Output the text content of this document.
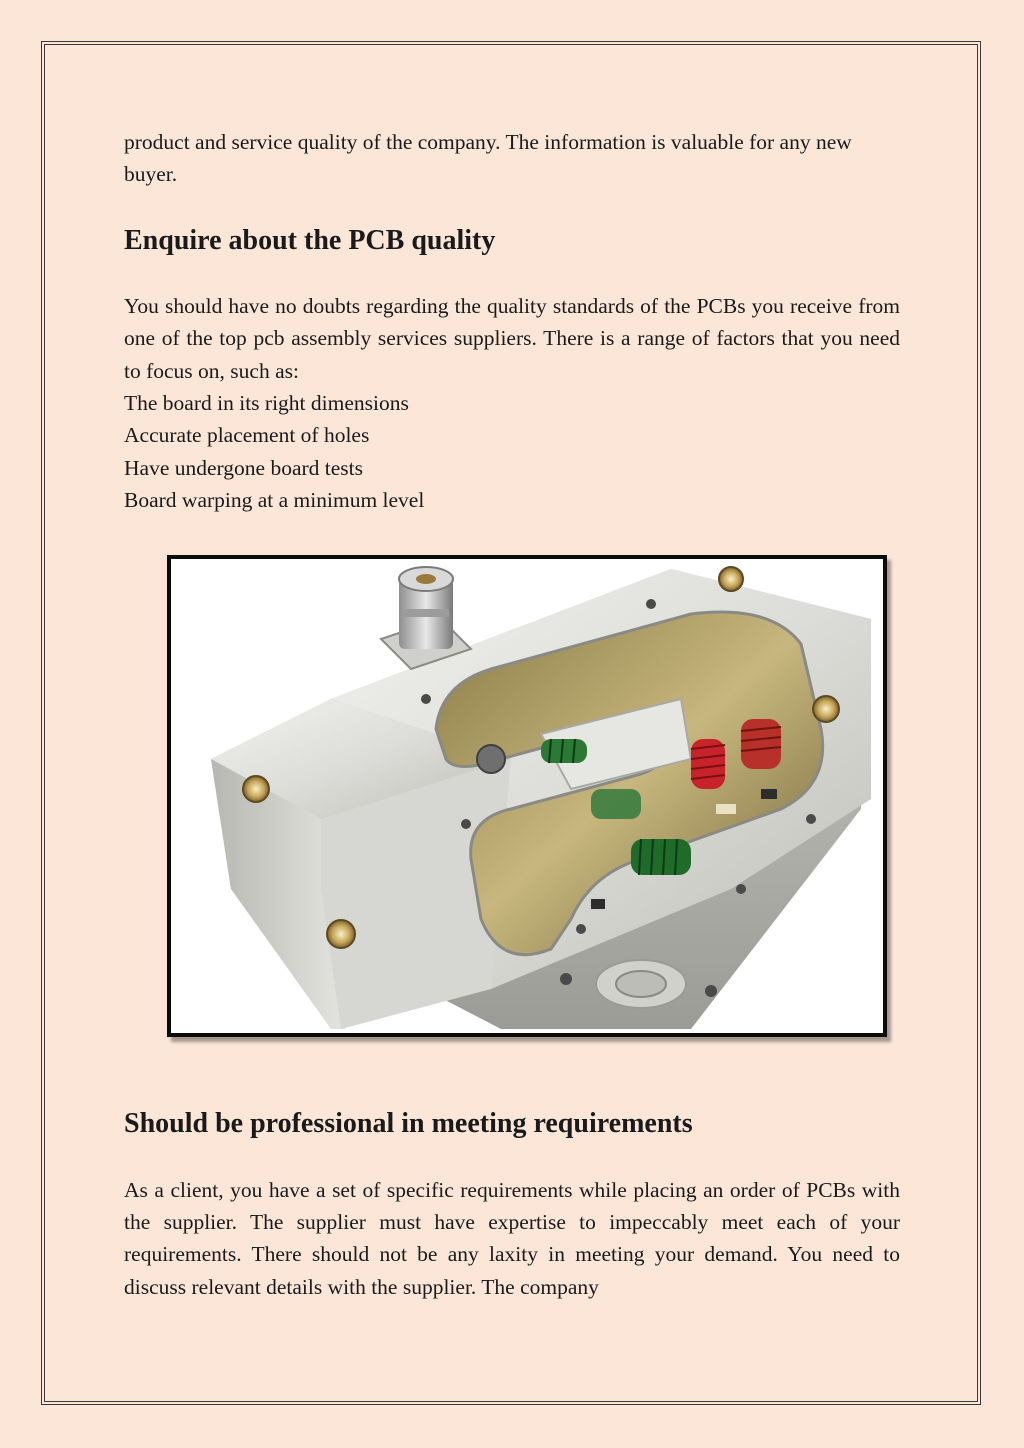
product and service quality of the company. The information is valuable for any new buyer.

Enquire about the PCB quality

You should have no doubts regarding the quality standards of the PCBs you receive from one of the top pcb assembly services suppliers. There is a range of factors that you need to focus on, such as:

The board in its right dimensions
Accurate placement of holes
Have undergone board tests
Board warping at a minimum level
Should be professional in meeting requirements

As a client, you have a set of specific requirements while placing an order of PCBs with the supplier. The supplier must have expertise to impeccably meet each of your requirements. There should not be any laxity in meeting your demand. You need to discuss relevant details with the supplier. The company
